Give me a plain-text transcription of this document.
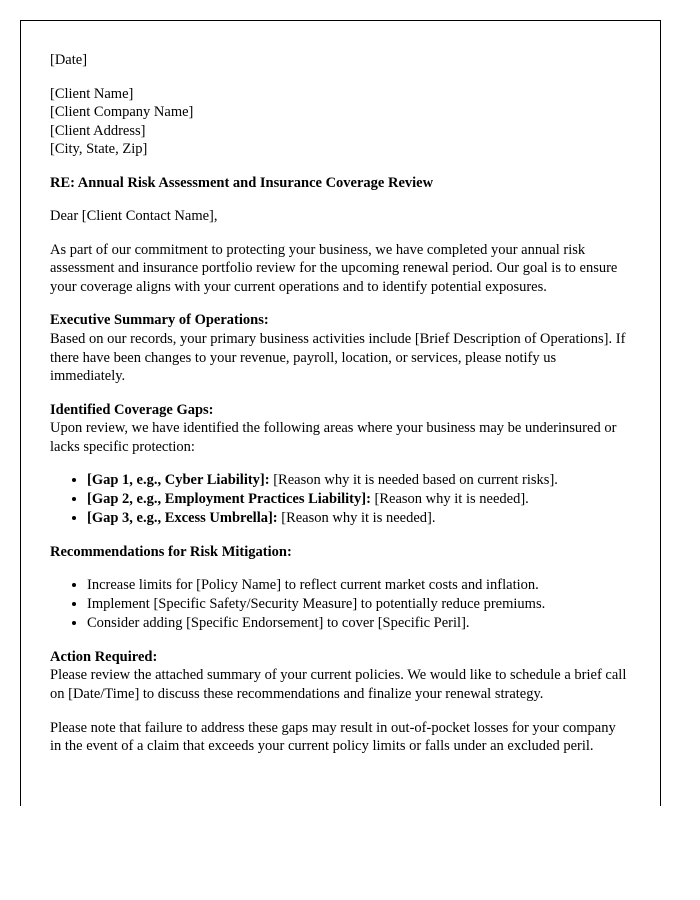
[Date]
[Client Name]
[Client Company Name]
[Client Address]
[City, State, Zip]
RE: Annual Risk Assessment and Insurance Coverage Review
Dear [Client Contact Name],
As part of our commitment to protecting your business, we have completed your annual risk assessment and insurance portfolio review for the upcoming renewal period. Our goal is to ensure your coverage aligns with your current operations and to identify potential exposures.
Executive Summary of Operations:
Based on our records, your primary business activities include [Brief Description of Operations]. If there have been changes to your revenue, payroll, location, or services, please notify us immediately.
Identified Coverage Gaps:
Upon review, we have identified the following areas where your business may be underinsured or lacks specific protection:
• [Gap 1, e.g., Cyber Liability]: [Reason why it is needed based on current risks].
• [Gap 2, e.g., Employment Practices Liability]: [Reason why it is needed].
• [Gap 3, e.g., Excess Umbrella]: [Reason why it is needed].
Recommendations for Risk Mitigation:
• Increase limits for [Policy Name] to reflect current market costs and inflation.
• Implement [Specific Safety/Security Measure] to potentially reduce premiums.
• Consider adding [Specific Endorsement] to cover [Specific Peril].
Action Required:
Please review the attached summary of your current policies. We would like to schedule a brief call on [Date/Time] to discuss these recommendations and finalize your renewal strategy.
Please note that failure to address these gaps may result in out-of-pocket losses for your company in the event of a claim that exceeds your current policy limits or falls under an excluded peril.
